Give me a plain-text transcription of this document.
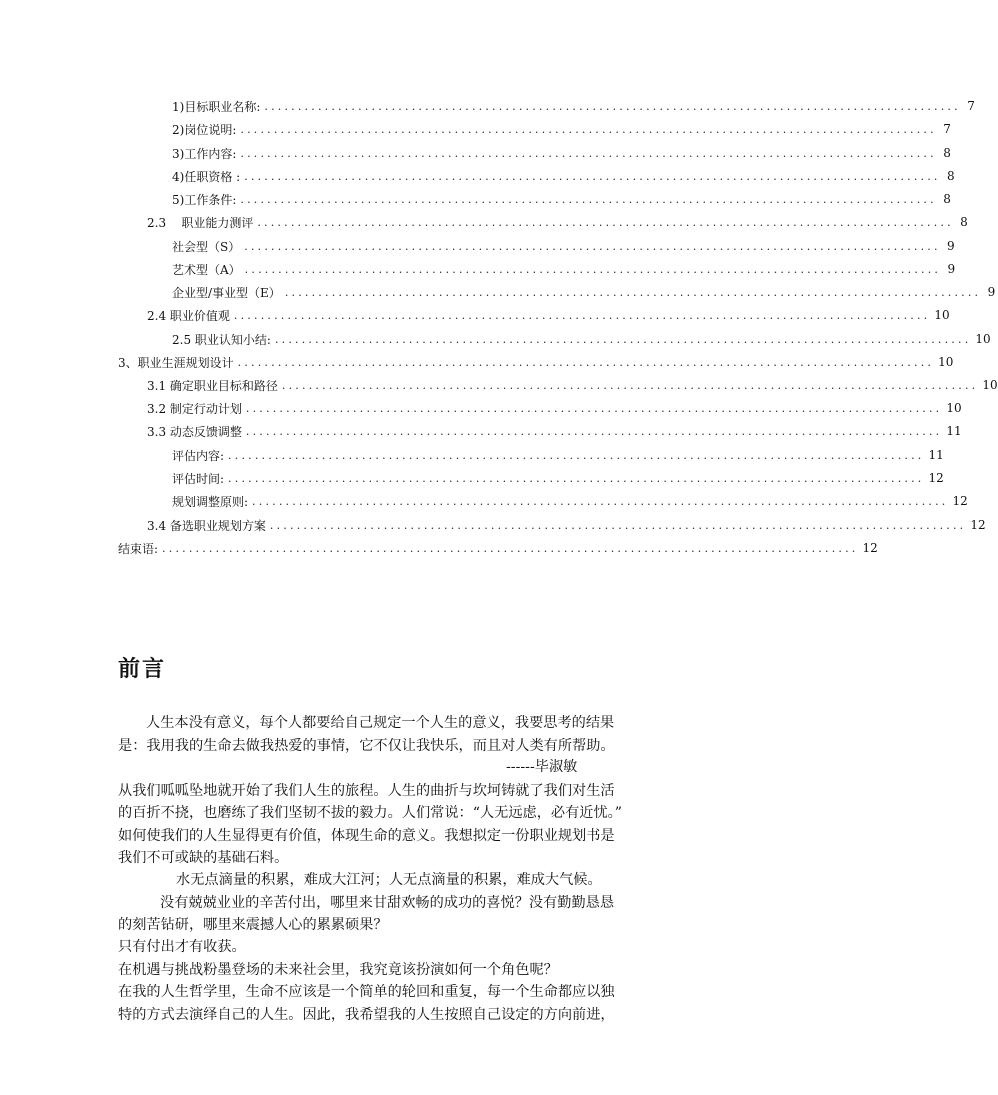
1)目标职业名称: ........................................................................................................ 7
2)岗位说明: ........................................................................................................ 7
3)工作内容: ........................................................................................................ 8
4)任职资格 : ........................................................................................................ 8
5)工作条件: ........................................................................................................ 8
2.3    职业能力测评 ........................................................................................................ 8
社会型（S） ........................................................................................................ 9
艺术型（A） ........................................................................................................ 9
企业型/事业型（E） ........................................................................................................ 9
2.4 职业价值观 ........................................................................................................ 10
2.5 职业认知小结: ........................................................................................................ 10
3、职业生涯规划设计 ........................................................................................................ 10
3.1 确定职业目标和路径 ........................................................................................................ 10
3.2 制定行动计划 ........................................................................................................ 10
3.3 动态反馈调整 ........................................................................................................ 11
评估内容: ........................................................................................................ 11
评估时间: ........................................................................................................ 12
规划调整原则: ........................................................................................................ 12
3.4 备选职业规划方案 ........................................................................................................ 12
结束语: ........................................................................................................ 12
前言
人生本没有意义，每个人都要给自己规定一个人生的意义，我要思考的结果
是：我用我的生命去做我热爱的事情，它不仅让我快乐，而且对人类有所帮助。
------毕淑敏
从我们呱呱坠地就开始了我们人生的旅程。人生的曲折与坎坷铸就了我们对生活
的百折不挠，也磨练了我们坚韧不拔的毅力。人们常说：“人无远虑，必有近忧。”
如何使我们的人生显得更有价值，体现生命的意义。我想拟定一份职业规划书是
我们不可或缺的基础石料。
水无点滴量的积累，难成大江河；人无点滴量的积累，难成大气候。
没有兢兢业业的辛苦付出，哪里来甘甜欢畅的成功的喜悦？没有勤勤恳恳
的刻苦钻研，哪里来震撼人心的累累硕果？
只有付出才有收获。
在机遇与挑战粉墨登场的未来社会里，我究竟该扮演如何一个角色呢？
在我的人生哲学里，生命不应该是一个简单的轮回和重复，每一个生命都应以独
特的方式去演绎自己的人生。因此，我希望我的人生按照自己设定的方向前进，
